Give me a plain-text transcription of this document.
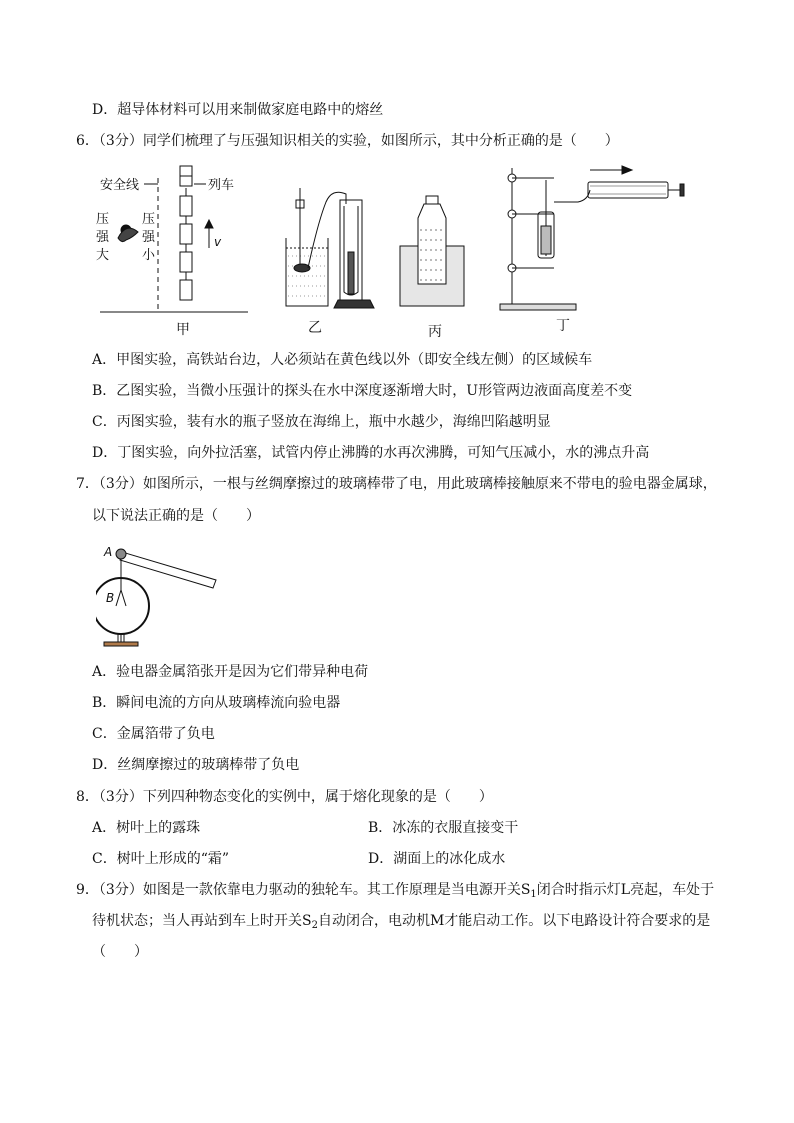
D．超导体材料可以用来制做家庭电路中的熔丝
6．（3分）同学们梳理了与压强知识相关的实验，如图所示，其中分析正确的是（　　）
安全线	列车
压
强
大
压
强
小
v
甲	乙	丙	丁
A．甲图实验，高铁站台边，人必须站在黄色线以外（即安全线左侧）的区域候车
B．乙图实验，当微小压强计的探头在水中深度逐渐增大时，U形管两边液面高度差不变
C．丙图实验，装有水的瓶子竖放在海绵上，瓶中水越少，海绵凹陷越明显
D．丁图实验，向外拉活塞，试管内停止沸腾的水再次沸腾，可知气压减小，水的沸点升高
7．（3分）如图所示，一根与丝绸摩擦过的玻璃棒带了电，用此玻璃棒接触原来不带电的验电器金属球，
以下说法正确的是（　　）
A
B
A．验电器金属箔张开是因为它们带异种电荷
B．瞬间电流的方向从玻璃棒流向验电器
C．金属箔带了负电
D．丝绸摩擦过的玻璃棒带了负电
8．（3分）下列四种物态变化的实例中，属于熔化现象的是（　　）
A．树叶上的露珠	B．冰冻的衣服直接变干
C．树叶上形成的“霜”	D．湖面上的冰化成水
9．（3分）如图是一款依靠电力驱动的独轮车。其工作原理是当电源开关$S_1$闭合时指示灯L亮起，车处于
待机状态；当人再站到车上时开关$S_2$自动闭合，电动机M才能启动工作。以下电路设计符合要求的是
（　　）
